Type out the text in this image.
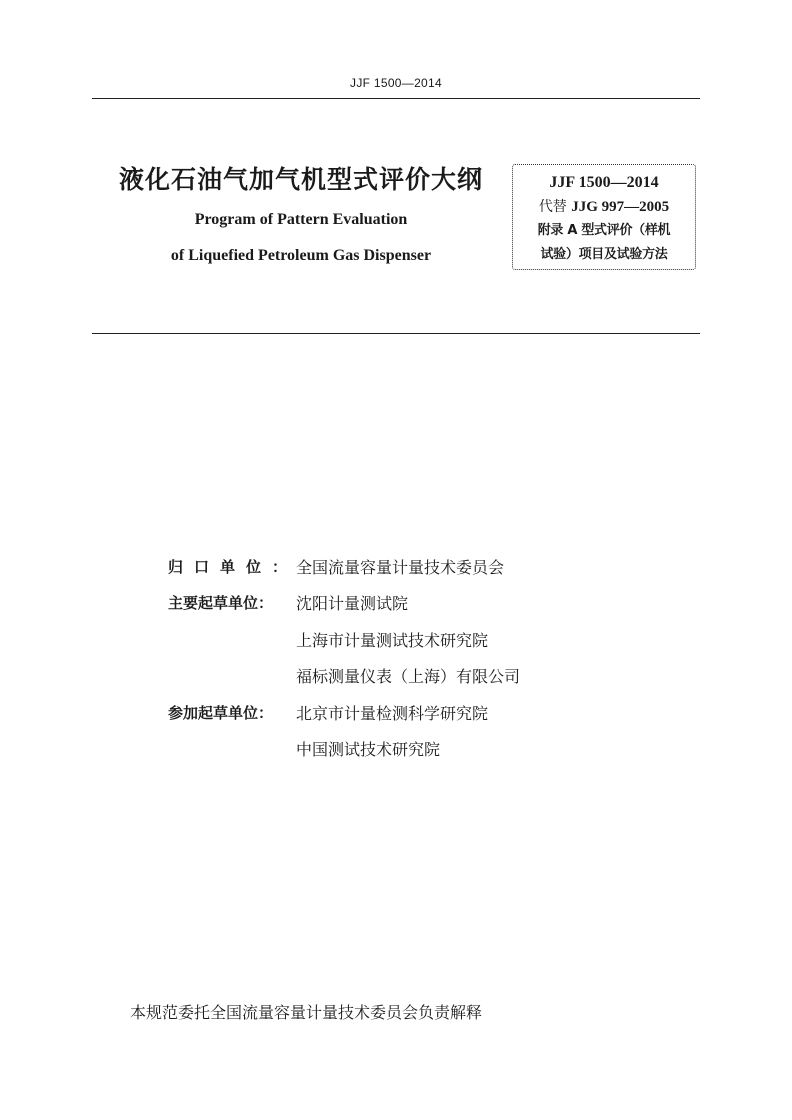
JJF 1500—2014
液化石油气加气机型式评价大纲
Program of Pattern Evaluation
of Liquefied Petroleum Gas Dispenser
JJF 1500—2014
代替 JJG 997—2005
附录 A 型式评价（样机
试验）项目及试验方法
归口单位： 全国流量容量计量技术委员会
主要起草单位：	沈阳计量测试院
上海市计量测试技术研究院
福标测量仪表（上海）有限公司
参加起草单位：	北京市计量检测科学研究院
中国测试技术研究院
本规范委托全国流量容量计量技术委员会负责解释
